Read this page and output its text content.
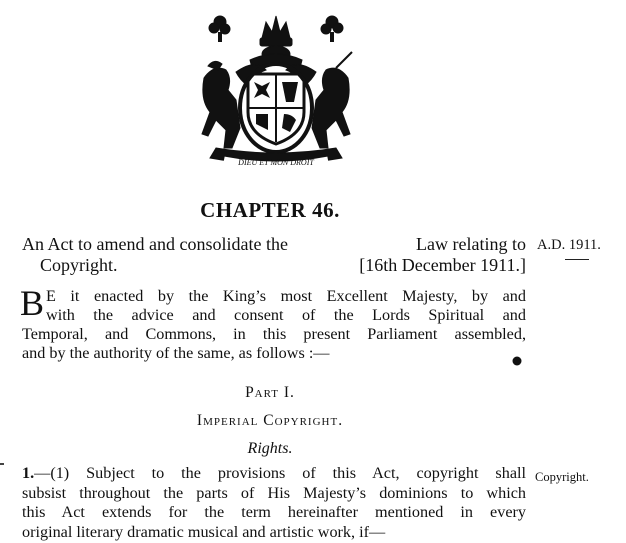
DIEU ET MON DROIT
CHAPTER 46.
An Act to amend and consolidate the	Law relating to
Copyright.	[16th December 1911.]
A.D. 1911.
B E it enacted by the King’s most Excellent Majesty, by and
with the advice and consent of the Lords Spiritual and
Temporal, and Commons, in this present Parliament assembled,
and by the authority of the same, as follows :—
Part I.
Imperial Copyright.
Rights.
1.—(1) Subject to the provisions of this Act, copyright shall
subsist throughout the parts of His Majesty’s dominions to which
this Act extends for the term hereinafter mentioned in every
original literary dramatic musical and artistic work, if—
Copyright.
